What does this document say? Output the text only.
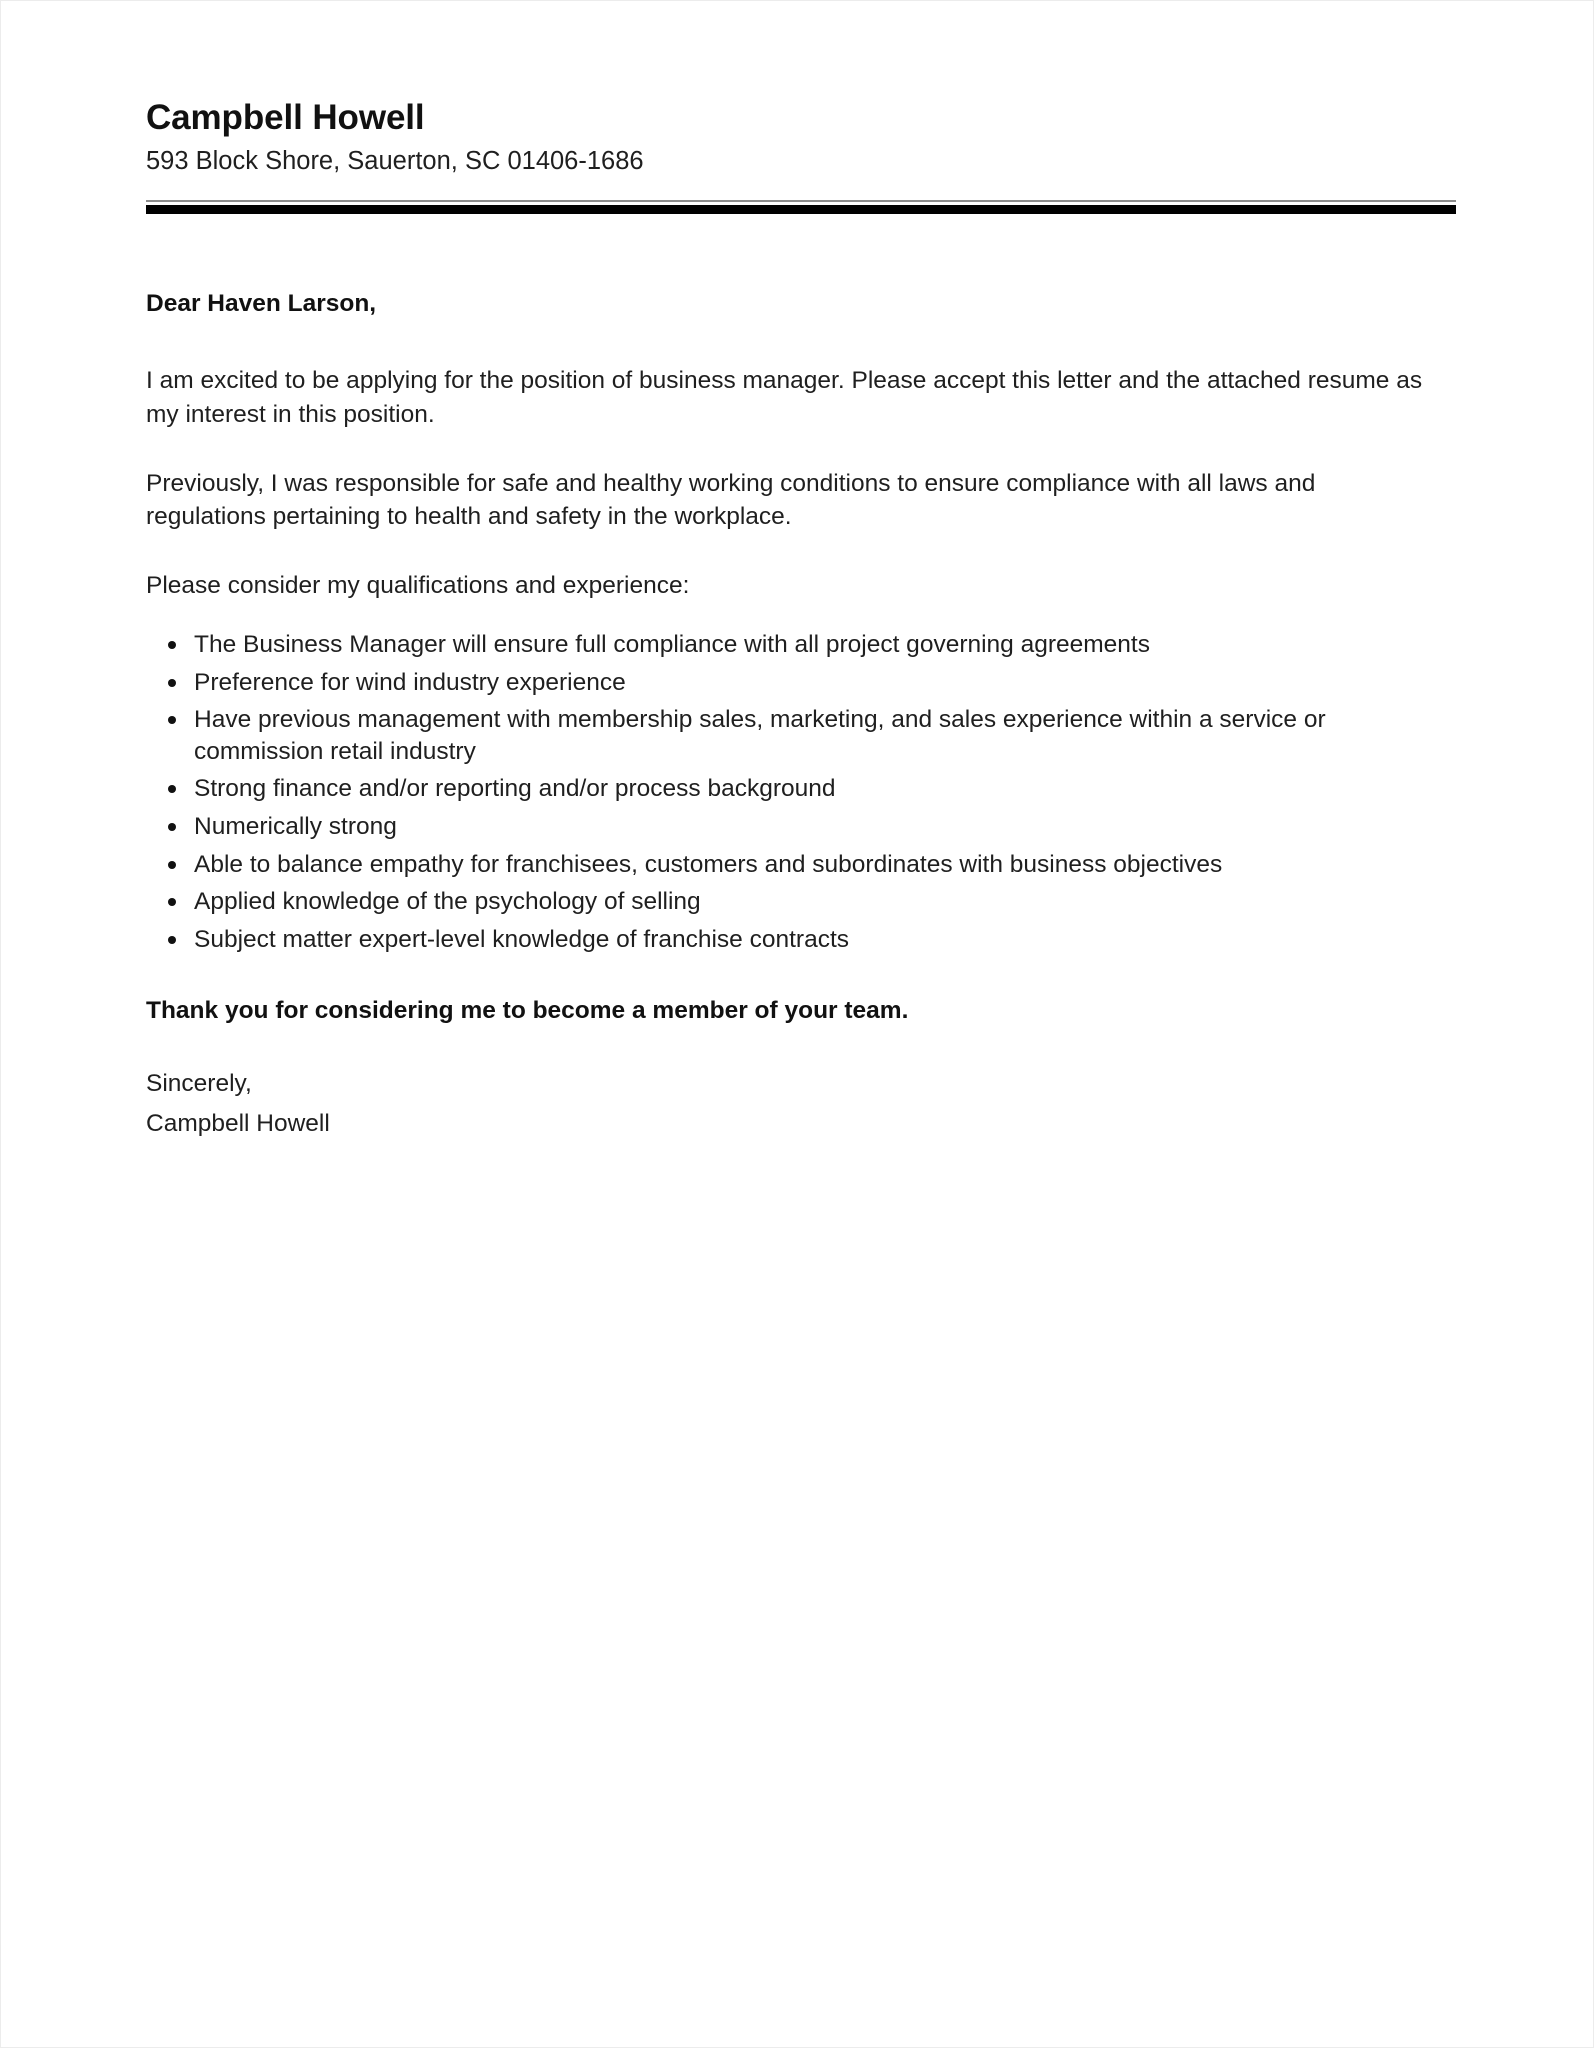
Campbell Howell

593 Block Shore, Sauerton, SC 01406-1686

Dear Haven Larson,

I am excited to be applying for the position of business manager. Please accept this letter and the attached resume as my interest in this position.

Previously, I was responsible for safe and healthy working conditions to ensure compliance with all laws and regulations pertaining to health and safety in the workplace.

Please consider my qualifications and experience:

The Business Manager will ensure full compliance with all project governing agreements
Preference for wind industry experience
Have previous management with membership sales, marketing, and sales experience within a service or commission retail industry
Strong finance and/or reporting and/or process background
Numerically strong
Able to balance empathy for franchisees, customers and subordinates with business objectives
Applied knowledge of the psychology of selling
Subject matter expert-level knowledge of franchise contracts

Thank you for considering me to become a member of your team.

Sincerely,
Campbell Howell
